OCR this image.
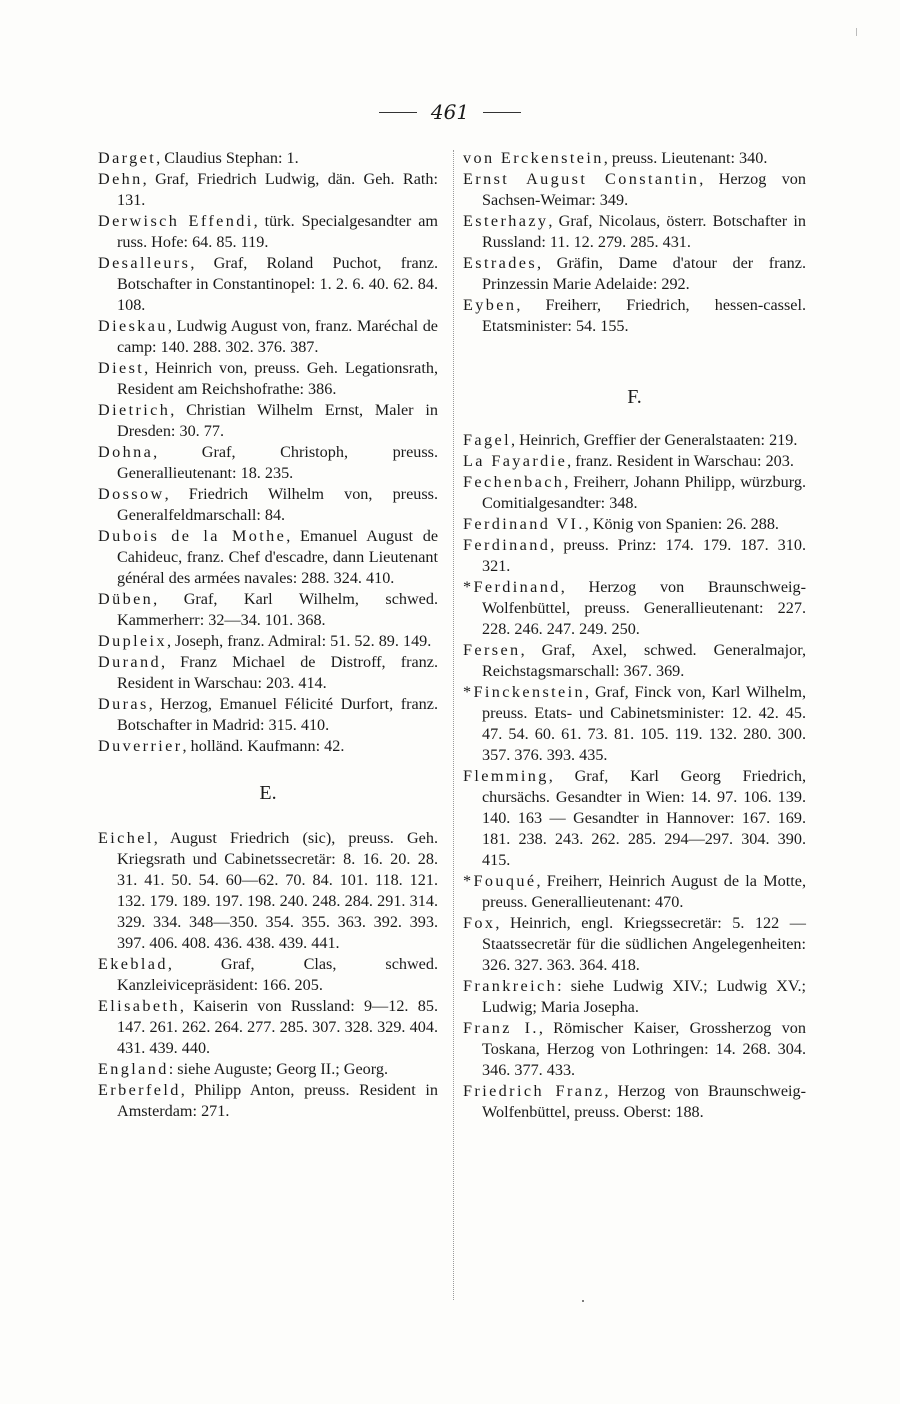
461
Darget, Claudius Stephan: 1.
Dehn, Graf, Friedrich Ludwig, dän. Geh. Rath: 131.
Derwisch Effendi, türk. Specialgesandter am russ. Hofe: 64. 85. 119.
Desalleurs, Graf, Roland Puchot, franz. Botschafter in Constantinopel: 1. 2. 6. 40. 62. 84. 108.
Dieskau, Ludwig August von, franz. Maréchal de camp: 140. 288. 302. 376. 387.
Diest, Heinrich von, preuss. Geh. Legationsrath, Resident am Reichshofrathe: 386.
Dietrich, Christian Wilhelm Ernst, Maler in Dresden: 30. 77.
Dohna, Graf, Christoph, preuss. Generallieutenant: 18. 235.
Dossow, Friedrich Wilhelm von, preuss. Generalfeldmarschall: 84.
Dubois de la Mothe, Emanuel August de Cahideuc, franz. Chef d'escadre, dann Lieutenant général des armées navales: 288. 324. 410.
Düben, Graf, Karl Wilhelm, schwed. Kammerherr: 32—34. 101. 368.
Dupleix, Joseph, franz. Admiral: 51. 52. 89. 149.
Durand, Franz Michael de Distroff, franz. Resident in Warschau: 203. 414.
Duras, Herzog, Emanuel Félicité Durfort, franz. Botschafter in Madrid: 315. 410.
Duverrier, holländ. Kaufmann: 42.
E.
Eichel, August Friedrich (sic), preuss. Geh. Kriegsrath und Cabinetssecretär: 8. 16. 20. 28. 31. 41. 50. 54. 60—62. 70. 84. 101. 118. 121. 132. 179. 189. 197. 198. 240. 248. 284. 291. 314. 329. 334. 348—350. 354. 355. 363. 392. 393. 397. 406. 408. 436. 438. 439. 441.
Ekeblad, Graf, Clas, schwed. Kanzleivicepräsident: 166. 205.
Elisabeth, Kaiserin von Russland: 9—12. 85. 147. 261. 262. 264. 277. 285. 307. 328. 329. 404. 431. 439. 440.
England: siehe Auguste; Georg II.; Georg.
Erberfeld, Philipp Anton, preuss. Resident in Amsterdam: 271.
von Erckenstein, preuss. Lieutenant: 340.
Ernst August Constantin, Herzog von Sachsen-Weimar: 349.
Esterhazy, Graf, Nicolaus, österr. Botschafter in Russland: 11. 12. 279. 285. 431.
Estrades, Gräfin, Dame d'atour der franz. Prinzessin Marie Adelaide: 292.
Eyben, Freiherr, Friedrich, hessen-cassel. Etatsminister: 54. 155.
F.
Fagel, Heinrich, Greffier der Generalstaaten: 219.
La Fayardie, franz. Resident in Warschau: 203.
Fechenbach, Freiherr, Johann Philipp, würzburg. Comitialgesandter: 348.
Ferdinand VI., König von Spanien: 26. 288.
Ferdinand, preuss. Prinz: 174. 179. 187. 310. 321.
*Ferdinand, Herzog von Braunschweig-Wolfenbüttel, preuss. Generallieutenant: 227. 228. 246. 247. 249. 250.
Fersen, Graf, Axel, schwed. Generalmajor, Reichstagsmarschall: 367. 369.
*Finckenstein, Graf, Finck von, Karl Wilhelm, preuss. Etats- und Cabinetsminister: 12. 42. 45. 47. 54. 60. 61. 73. 81. 105. 119. 132. 280. 300. 357. 376. 393. 435.
Flemming, Graf, Karl Georg Friedrich, chursächs. Gesandter in Wien: 14. 97. 106. 139. 140. 163 — Gesandter in Hannover: 167. 169. 181. 238. 243. 262. 285. 294—297. 304. 390. 415.
*Fouqué, Freiherr, Heinrich August de la Motte, preuss. Generallieutenant: 470.
Fox, Heinrich, engl. Kriegssecretär: 5. 122 — Staatssecretär für die südlichen Angelegenheiten: 326. 327. 363. 364. 418.
Frankreich: siehe Ludwig XIV.; Ludwig XV.; Ludwig; Maria Josepha.
Franz I., Römischer Kaiser, Grossherzog von Toskana, Herzog von Lothringen: 14. 268. 304. 346. 377. 433.
Friedrich Franz, Herzog von Braunschweig-Wolfenbüttel, preuss. Oberst: 188.
